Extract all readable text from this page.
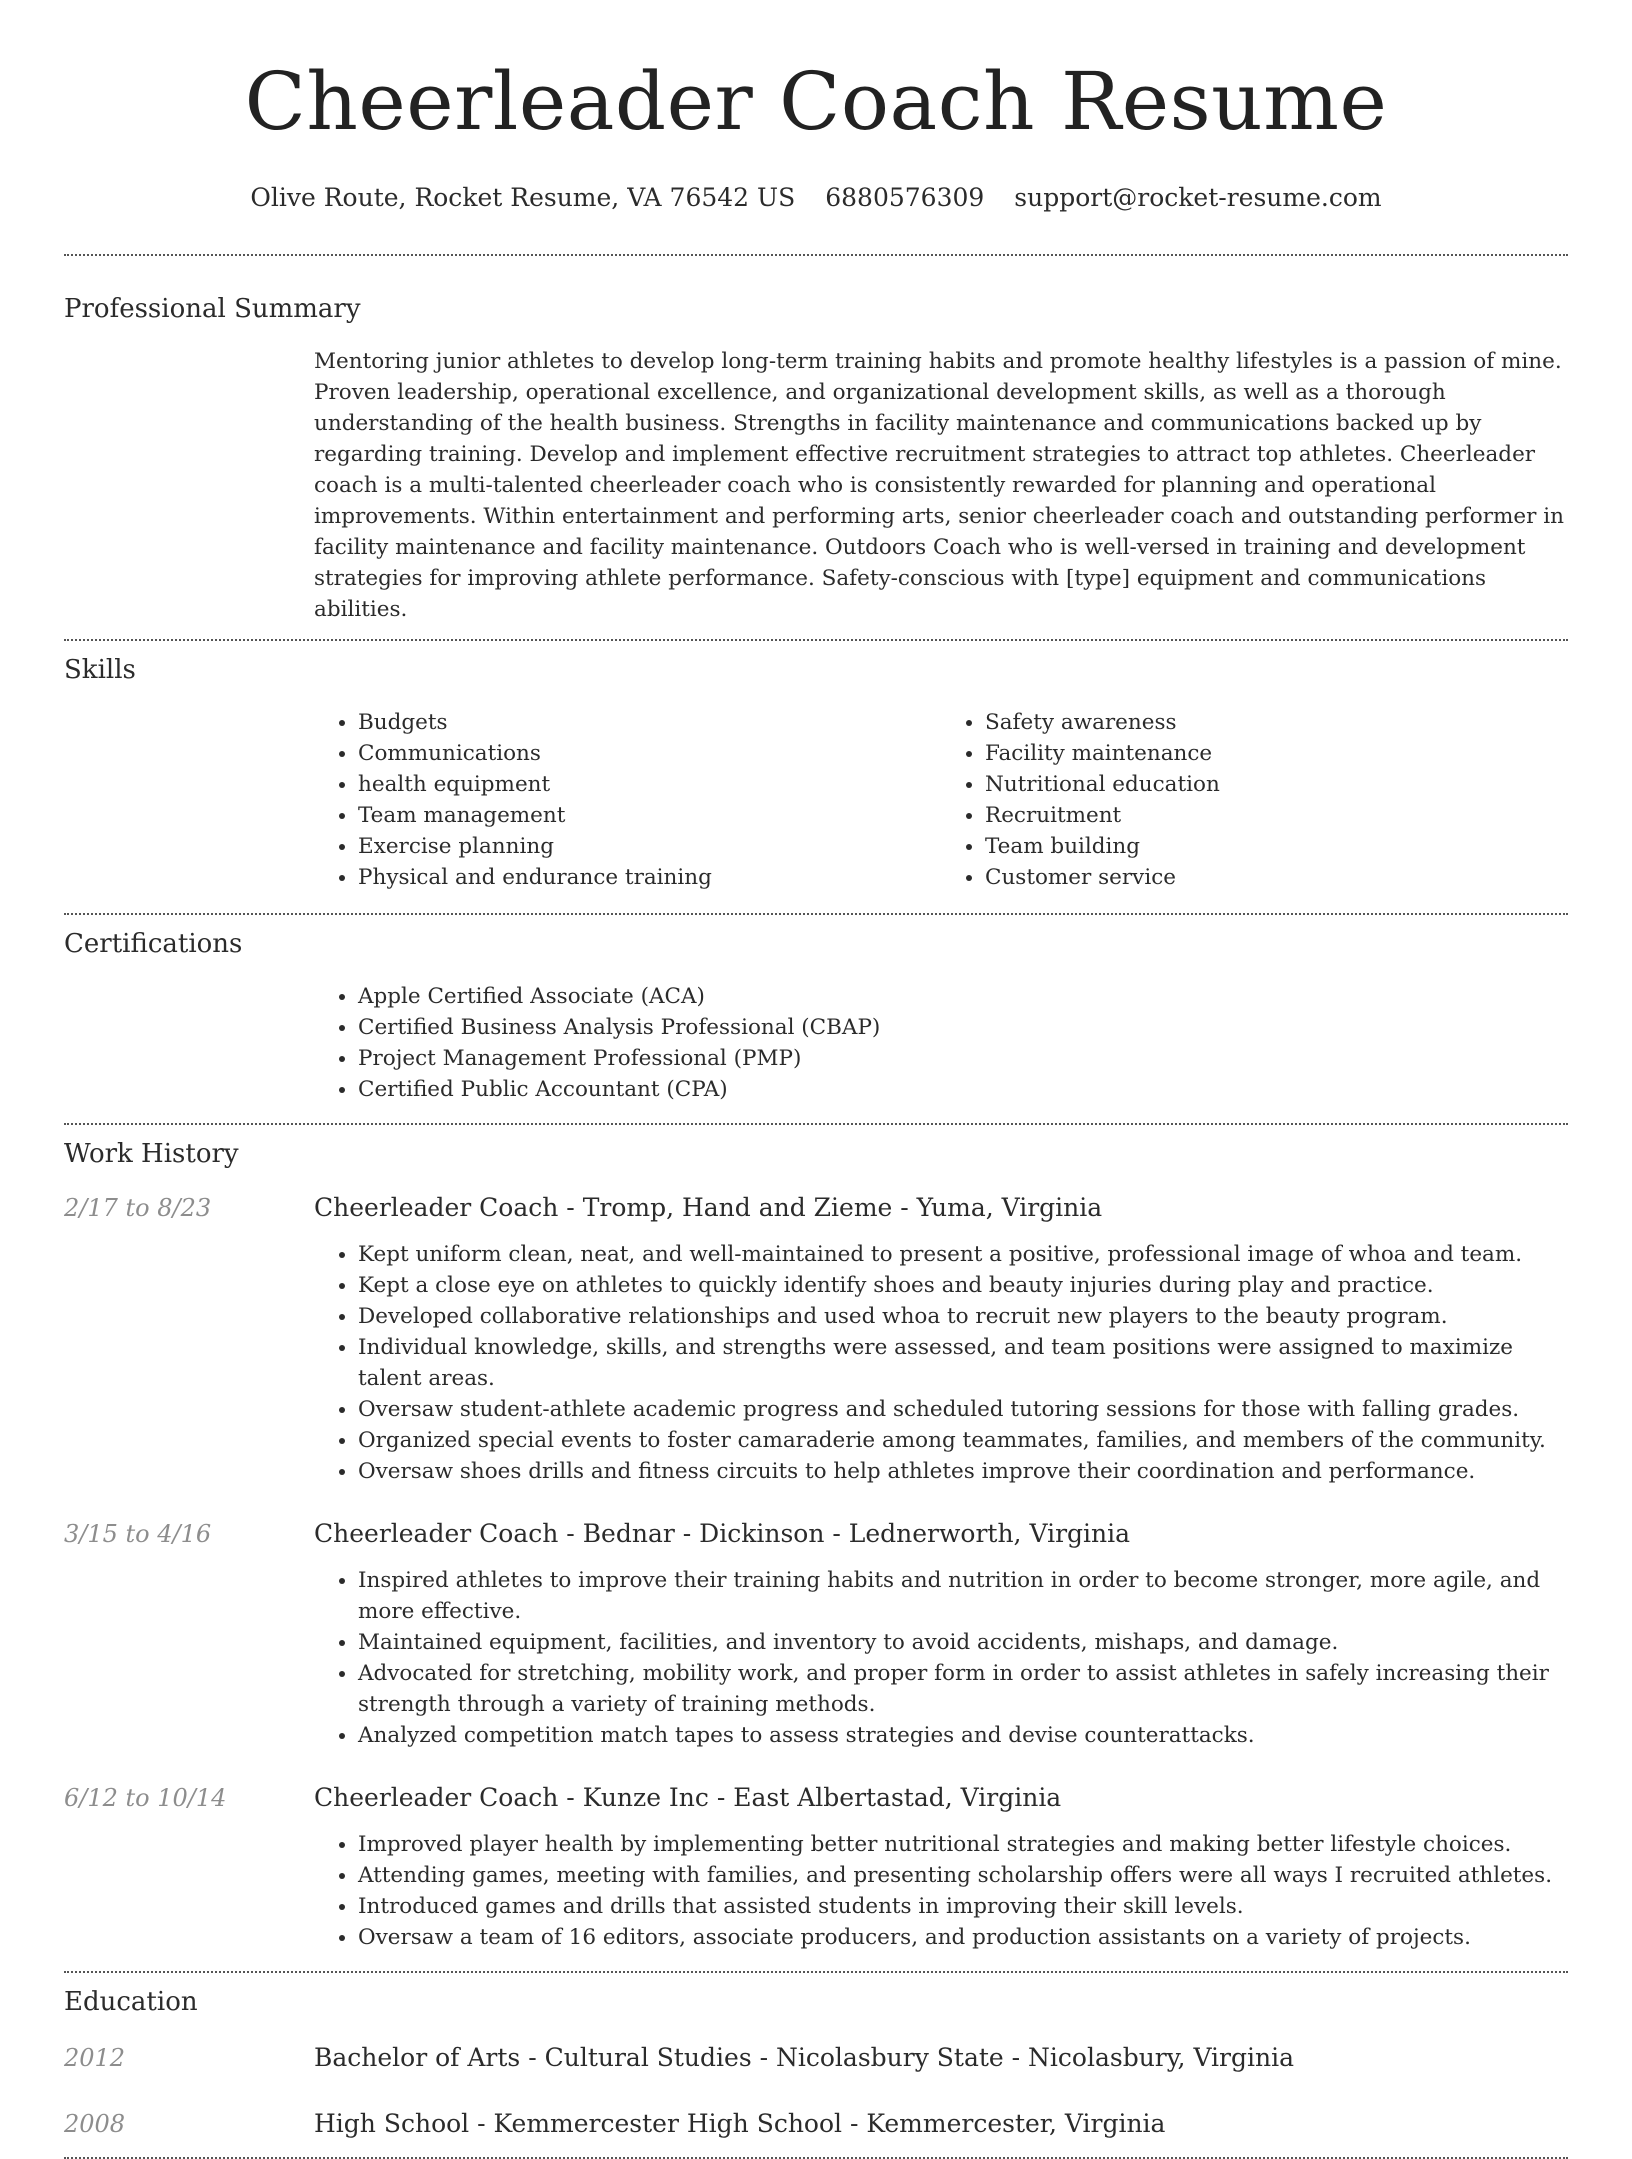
Cheerleader Coach Resume
Olive Route, Rocket Resume, VA 76542 US 6880576309 support@rocket-resume.com
Professional Summary

Mentoring junior athletes to develop long-term training habits and promote healthy lifestyles is a passion of mine. Proven leadership, operational excellence, and organizational development skills, as well as a thorough understanding of the health business. Strengths in facility maintenance and communications backed up by regarding training. Develop and implement effective recruitment strategies to attract top athletes. Cheerleader coach is a multi-talented cheerleader coach who is consistently rewarded for planning and operational improvements. Within entertainment and performing arts, senior cheerleader coach and outstanding performer in facility maintenance and facility maintenance. Outdoors Coach who is well-versed in training and development strategies for improving athlete performance. Safety-conscious with [type] equipment and communications abilities.

Skills
• Budgets
• Communications
• health equipment
• Team management
• Exercise planning
• Physical and endurance training
• Safety awareness
• Facility maintenance
• Nutritional education
• Recruitment
• Team building
• Customer service
Certifications
• Apple Certified Associate (ACA)
• Certified Business Analysis Professional (CBAP)
• Project Management Professional (PMP)
• Certified Public Accountant (CPA)
Work History
2/17 to 8/23	Cheerleader Coach - Tromp, Hand and Zieme - Yuma, Virginia
• Kept uniform clean, neat, and well-maintained to present a positive, professional image of whoa and team.
• Kept a close eye on athletes to quickly identify shoes and beauty injuries during play and practice.
• Developed collaborative relationships and used whoa to recruit new players to the beauty program.
• Individual knowledge, skills, and strengths were assessed, and team positions were assigned to maximize talent areas.
• Oversaw student-athlete academic progress and scheduled tutoring sessions for those with falling grades.
• Organized special events to foster camaraderie among teammates, families, and members of the community.
• Oversaw shoes drills and fitness circuits to help athletes improve their coordination and performance.
3/15 to 4/16	Cheerleader Coach - Bednar - Dickinson - Lednerworth, Virginia
• Inspired athletes to improve their training habits and nutrition in order to become stronger, more agile, and more effective.
• Maintained equipment, facilities, and inventory to avoid accidents, mishaps, and damage.
• Advocated for stretching, mobility work, and proper form in order to assist athletes in safely increasing their strength through a variety of training methods.
• Analyzed competition match tapes to assess strategies and devise counterattacks.
6/12 to 10/14	Cheerleader Coach - Kunze Inc - East Albertastad, Virginia
• Improved player health by implementing better nutritional strategies and making better lifestyle choices.
• Attending games, meeting with families, and presenting scholarship offers were all ways I recruited athletes.
• Introduced games and drills that assisted students in improving their skill levels.
• Oversaw a team of 16 editors, associate producers, and production assistants on a variety of projects.
Education
2012	Bachelor of Arts - Cultural Studies - Nicolasbury State - Nicolasbury, Virginia
2008	High School - Kemmercester High School - Kemmercester, Virginia
